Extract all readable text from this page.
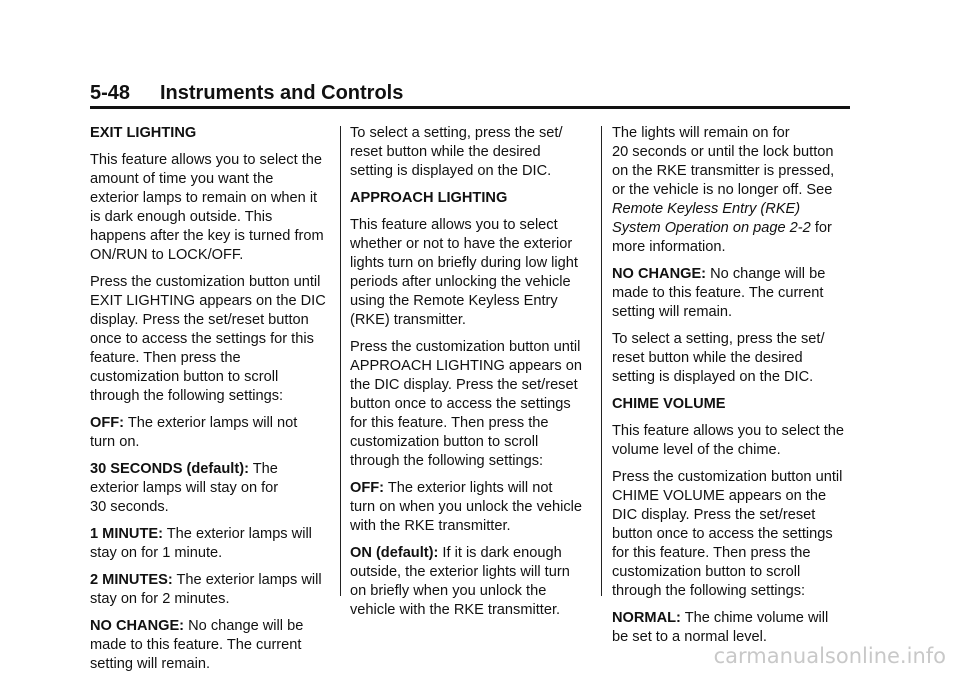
5-48 Instruments and Controls

EXIT LIGHTING

This feature allows you to select the
amount of time you want the
exterior lamps to remain on when it
is dark enough outside. This
happens after the key is turned from
ON/RUN to LOCK/OFF.

Press the customization button until
EXIT LIGHTING appears on the DIC
display. Press the set/reset button
once to access the settings for this
feature. Then press the
customization button to scroll
through the following settings:

OFF: The exterior lamps will not
turn on.

30 SECONDS (default): The
exterior lamps will stay on for
30 seconds.

1 MINUTE: The exterior lamps will
stay on for 1 minute.

2 MINUTES: The exterior lamps will
stay on for 2 minutes.

NO CHANGE: No change will be
made to this feature. The current
setting will remain.

To select a setting, press the set/
reset button while the desired
setting is displayed on the DIC.

APPROACH LIGHTING

This feature allows you to select
whether or not to have the exterior
lights turn on briefly during low light
periods after unlocking the vehicle
using the Remote Keyless Entry
(RKE) transmitter.

Press the customization button until
APPROACH LIGHTING appears on
the DIC display. Press the set/reset
button once to access the settings
for this feature. Then press the
customization button to scroll
through the following settings:

OFF: The exterior lights will not
turn on when you unlock the vehicle
with the RKE transmitter.

ON (default): If it is dark enough
outside, the exterior lights will turn
on briefly when you unlock the
vehicle with the RKE transmitter.

The lights will remain on for
20 seconds or until the lock button
on the RKE transmitter is pressed,
or the vehicle is no longer off. See
Remote Keyless Entry (RKE)
System Operation on page 2-2 for
more information.

NO CHANGE: No change will be
made to this feature. The current
setting will remain.

To select a setting, press the set/
reset button while the desired
setting is displayed on the DIC.

CHIME VOLUME

This feature allows you to select the
volume level of the chime.

Press the customization button until
CHIME VOLUME appears on the
DIC display. Press the set/reset
button once to access the settings
for this feature. Then press the
customization button to scroll
through the following settings:

NORMAL: The chime volume will
be set to a normal level.

carmanualsonline.info
